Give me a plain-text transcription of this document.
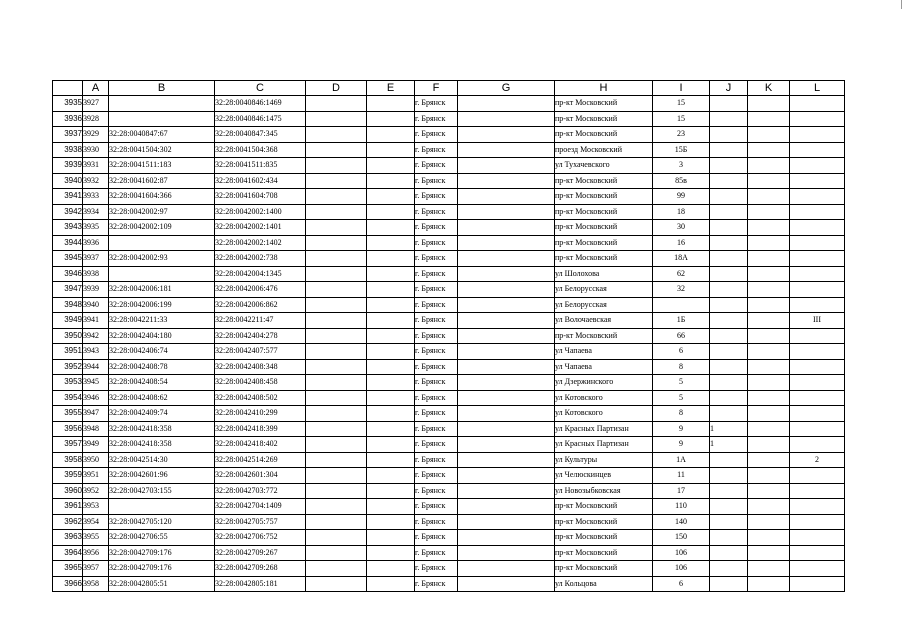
	A	B	C	D	E	F	G	H	I	J	K	L
3935	3927		32:28:0040846:1469			г. Брянск		пр-кт Московский	15			
3936	3928		32:28:0040846:1475			г. Брянск		пр-кт Московский	15			
3937	3929	32:28:0040847:67	32:28:0040847:345			г. Брянск		пр-кт Московский	23			
3938	3930	32:28:0041504:302	32:28:0041504:368			г. Брянск		проезд Московский	15Б			
3939	3931	32:28:0041511:183	32:28:0041511:835			г. Брянск		ул Тухачевского	3			
3940	3932	32:28:0041602:87	32:28:0041602:434			г. Брянск		пр-кт Московский	85в			
3941	3933	32:28:0041604:366	32:28:0041604:708			г. Брянск		пр-кт Московский	99			
3942	3934	32:28:0042002:97	32:28:0042002:1400			г. Брянск		пр-кт Московский	18			
3943	3935	32:28:0042002:109	32:28:0042002:1401			г. Брянск		пр-кт Московский	30			
3944	3936		32:28:0042002:1402			г. Брянск		пр-кт Московский	16			
3945	3937	32:28:0042002:93	32:28:0042002:738			г. Брянск		пр-кт Московский	18А			
3946	3938		32:28:0042004:1345			г. Брянск		ул Шолохова	62			
3947	3939	32:28:0042006:181	32:28:0042006:476			г. Брянск		ул Белорусская	32			
3948	3940	32:28:0042006:199	32:28:0042006:862			г. Брянск		ул Белорусская				
3949	3941	32:28:0042211:33	32:28:0042211:47			г. Брянск		ул Волочаевская	1Б			III
3950	3942	32:28:0042404:180	32:28:0042404:278			г. Брянск		пр-кт Московский	66			
3951	3943	32:28:0042406:74	32:28:0042407:577			г. Брянск		ул Чапаева	6			
3952	3944	32:28:0042408:78	32:28:0042408:348			г. Брянск		ул Чапаева	8			
3953	3945	32:28:0042408:54	32:28:0042408:458			г. Брянск		ул Дзержинского	5			
3954	3946	32:28:0042408:62	32:28:0042408:502			г. Брянск		ул Котовского	5			
3955	3947	32:28:0042409:74	32:28:0042410:299			г. Брянск		ул Котовского	8			
3956	3948	32:28:0042418:358	32:28:0042418:399			г. Брянск		ул Красных Партизан	9	1		
3957	3949	32:28:0042418:358	32:28:0042418:402			г. Брянск		ул Красных Партизан	9	1		
3958	3950	32:28:0042514:30	32:28:0042514:269			г. Брянск		ул Культуры	1А			2
3959	3951	32:28:0042601:96	32:28:0042601:304			г. Брянск		ул Челюскинцев	11			
3960	3952	32:28:0042703:155	32:28:0042703:772			г. Брянск		ул Новозыбковская	17			
3961	3953		32:28:0042704:1409			г. Брянск		пр-кт Московский	110			
3962	3954	32:28:0042705:120	32:28:0042705:757			г. Брянск		пр-кт Московский	140			
3963	3955	32:28:0042706:55	32:28:0042706:752			г. Брянск		пр-кт Московский	150			
3964	3956	32:28:0042709:176	32:28:0042709:267			г. Брянск		пр-кт Московский	106			
3965	3957	32:28:0042709:176	32:28:0042709:268			г. Брянск		пр-кт Московский	106			
3966	3958	32:28:0042805:51	32:28:0042805:181			г. Брянск		ул Кольцова	6			
